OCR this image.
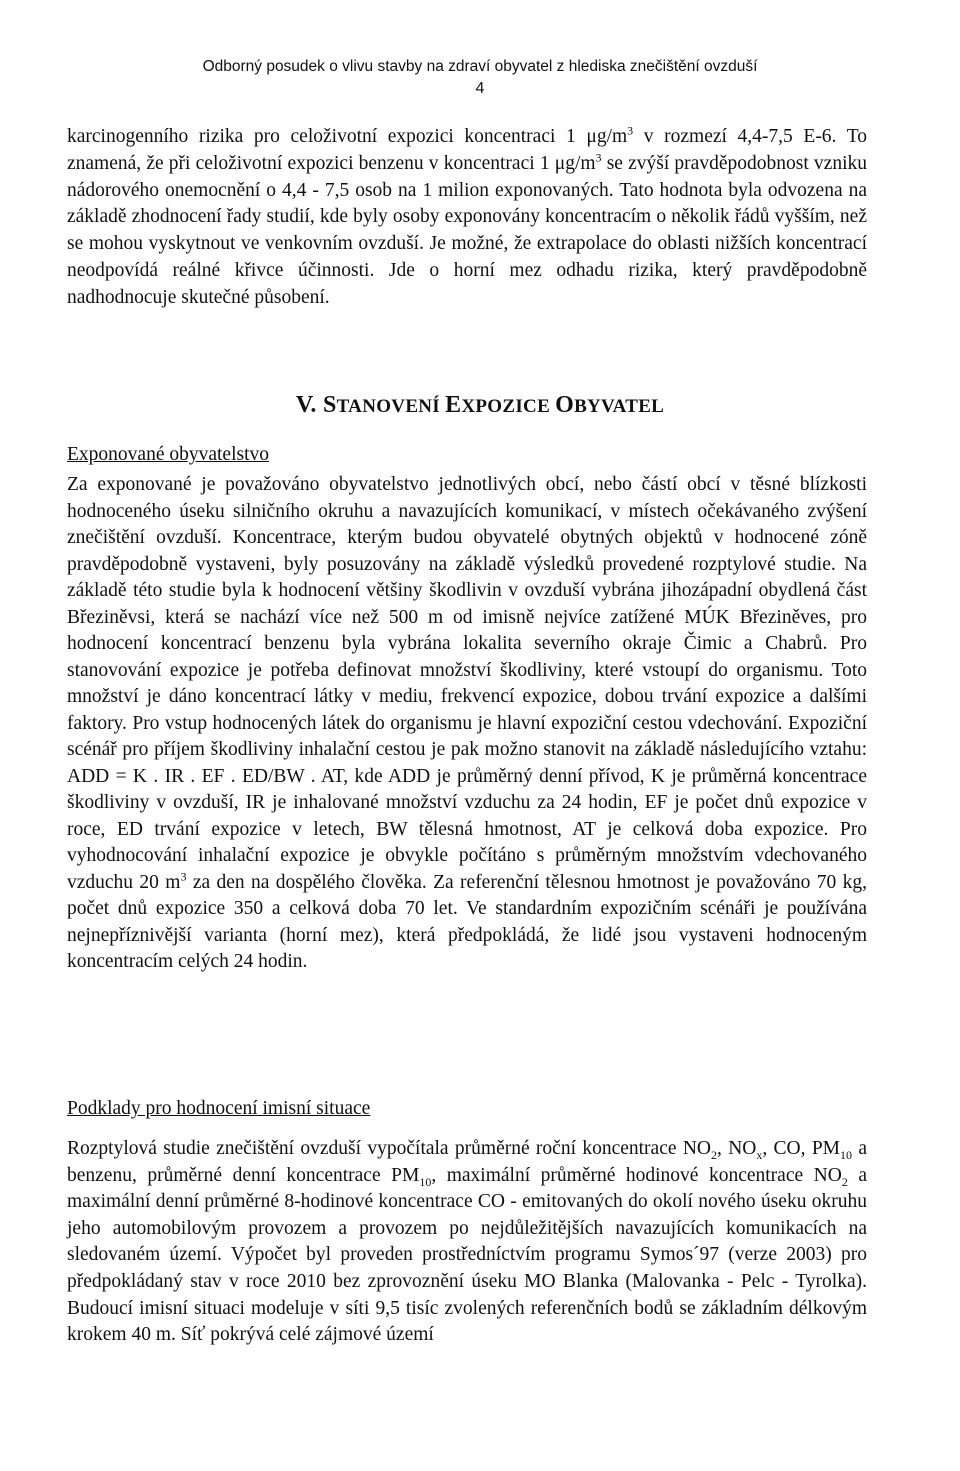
Odborný posudek o vlivu stavby na zdraví obyvatel z hlediska znečištění ovzduší
4

karcinogenního rizika pro celoživotní expozici koncentraci 1 $\mu g/m^3$ v rozmezí 4,4-7,5 E-6. To znamená, že při celoživotní expozici benzenu v koncentraci 1 $\mu g/m^3$ se zvýší pravděpodobnost vzniku nádorového onemocnění o 4,4 - 7,5 osob na 1 milion exponovaných. Tato hodnota byla odvozena na základě zhodnocení řady studií, kde byly osoby exponovány koncentracím o několik řádů vyšším, než se mohou vyskytnout ve venkovním ovzduší. Je možné, že extrapolace do oblasti nižších koncentrací neodpovídá reálné křivce účinnosti. Jde o horní mez odhadu rizika, který pravděpodobně nadhodnocuje skutečné působení.

V. STANOVENÍ EXPOZICE OBYVATEL
Exponované obyvatelstvo

Za exponované je považováno obyvatelstvo jednotlivých obcí, nebo částí obcí v těsné blízkosti hodnoceného úseku silničního okruhu a navazujících komunikací, v místech očekávaného zvýšení znečištění ovzduší. Koncentrace, kterým budou obyvatelé obytných objektů v hodnocené zóně pravděpodobně vystaveni, byly posuzovány na základě výsledků provedené rozptylové studie. Na základě této studie byla k hodnocení většiny škodlivin v ovzduší vybrána jihozápadní obydlená část Březiněvsi, která se nachází více než 500 m od imisně nejvíce zatížené MÚK Březiněves, pro hodnocení koncentrací benzenu byla vybrána lokalita severního okraje Čimic a Chabrů. Pro stanovování expozice je potřeba definovat množství škodliviny, které vstoupí do organismu. Toto množství je dáno koncentrací látky v mediu, frekvencí expozice, dobou trvání expozice a dalšími faktory. Pro vstup hodnocených látek do organismu je hlavní expoziční cestou vdechování. Expoziční scénář pro příjem škodliviny inhalační cestou je pak možno stanovit na základě následujícího vztahu: ADD = K . IR . EF . ED/BW . AT, kde ADD je průměrný denní přívod, K je průměrná koncentrace škodliviny v ovzduší, IR je inhalované množství vzduchu za 24 hodin, EF je počet dnů expozice v roce, ED trvání expozice v letech, BW tělesná hmotnost, AT je celková doba expozice. Pro vyhodnocování inhalační expozice je obvykle počítáno s průměrným množstvím vdechovaného vzduchu 20 $m^3$ za den na dospělého člověka. Za referenční tělesnou hmotnost je považováno 70 kg, počet dnů expozice 350 a celková doba 70 let. Ve standardním expozičním scénáři je používána nejnepříznivější varianta (horní mez), která předpokládá, že lidé jsou vystaveni hodnoceným koncentracím celých 24 hodin.

Podklady pro hodnocení imisní situace

Rozptylová studie znečištění ovzduší vypočítala průměrné roční koncentrace $NO_2$, $NO_x$, CO, $PM_{10}$ a benzenu, průměrné denní koncentrace $PM_{10}$, maximální průměrné hodinové koncentrace $NO_2$ a maximální denní průměrné 8-hodinové koncentrace CO - emitovaných do okolí nového úseku okruhu jeho automobilovým provozem a provozem po nejdůležitějších navazujících komunikacích na sledovaném území. Výpočet byl proveden prostředníctvím programu Symos´97 (verze 2003) pro předpokládaný stav v roce 2010 bez zprovoznění úseku MO Blanka (Malovanka - Pelc - Tyrolka). Budoucí imisní situaci modeluje v síti 9,5 tisíc zvolených referenčních bodů se základním délkovým krokem 40 m. Síť pokrývá celé zájmové území
